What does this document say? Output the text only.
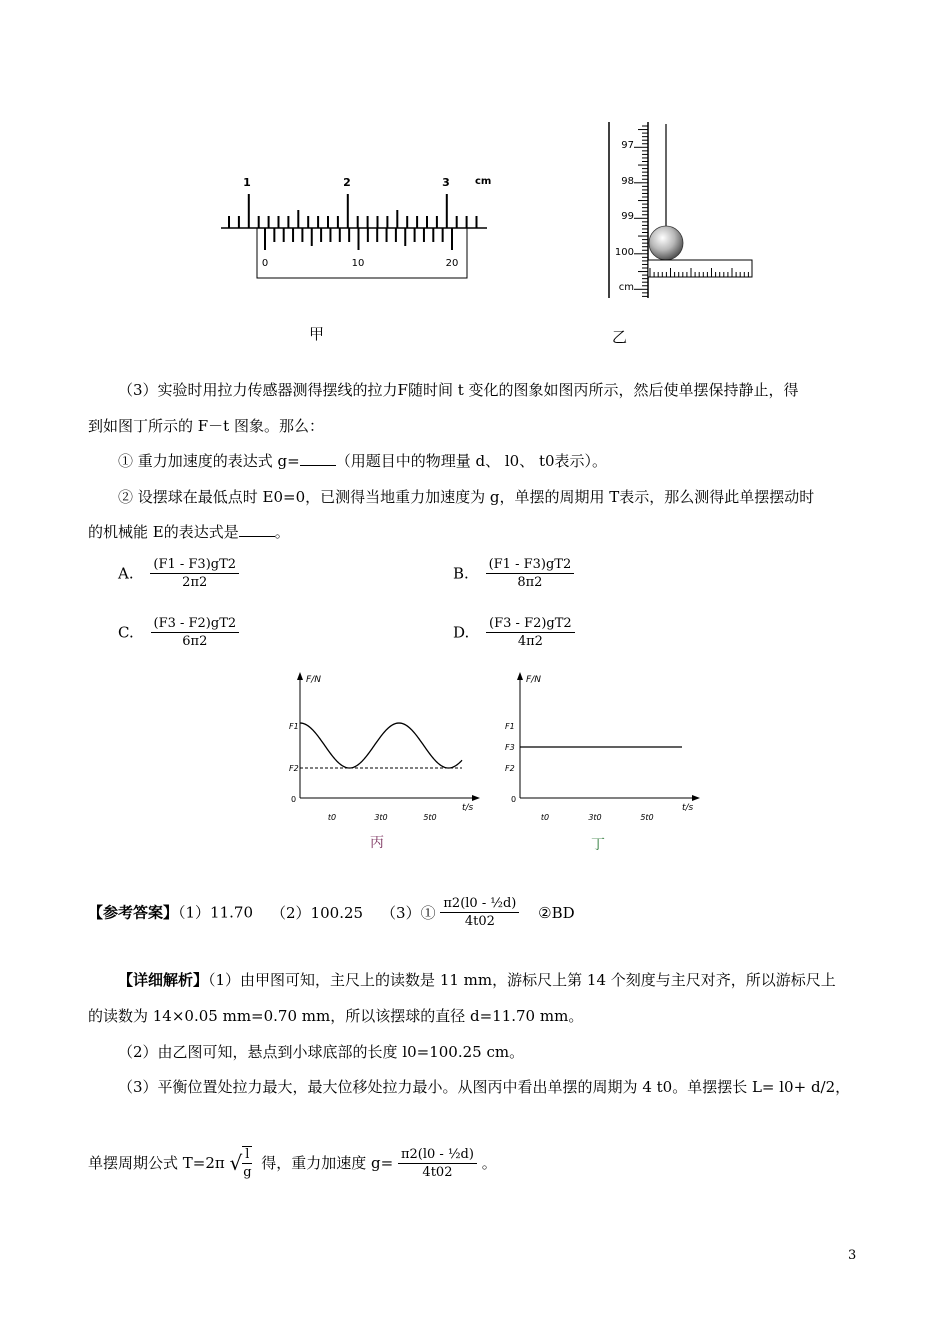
1	2	3	cm
0	10	20
甲
97
98
99
100
cm
乙
（3）实验时用拉力传感器测得摆线的拉力F随时间 t 变化的图象如图丙所示，然后使单摆保持静止，得
到如图丁所示的 F－t 图象。那么：
① 重力加速度的表达式 g= （用题目中的物理量 d、 l0、 t0表示）。
② 设摆球在最低点时 E0=0，已测得当地重力加速度为 g，单摆的周期用 T表示，那么测得此单摆摆动时
的机械能 E的表达式是 。
A. $\frac{(F1 - F3)gT2}{2\pi 2}$	B. $\frac{(F1 - F3)gT2}{8\pi 2}$
C. $\frac{(F3 - F2)gT2}{6\pi 2}$	D. $\frac{(F3 - F2)gT2}{4\pi 2}$
F/N
t/s
F1
F2
0
t0	3t0	5t0
丙
F/N
t/s
F1
F3
F2
0
t0	3t0	5t0
丁
【参考答案】（1）11.70 （2）100.25 （3）① $\frac{\text{π2(l0 - ½d)}}{4t02}$ ②BD
【详细解析】（1）由甲图可知，主尺上的读数是 11 mm，游标尺上第 14 个刻度与主尺对齐，所以游标尺上
的读数为 14×0.05 mm=0.70 mm，所以该摆球的直径 d=11.70 mm。
（2）由乙图可知，悬点到小球底部的长度 l0=100.25 cm。
（3）平衡位置处拉力最大，最大位移处拉力最小。从图丙中看出单摆的周期为 4 t0。单摆摆长 L= l0+ d/2，
单摆周期公式 T=2π √ $\frac{l}{g}$ 得，重力加速度 $g= \frac{\text{π2(l0 - ½d)}}{4t02}$ 。
3
